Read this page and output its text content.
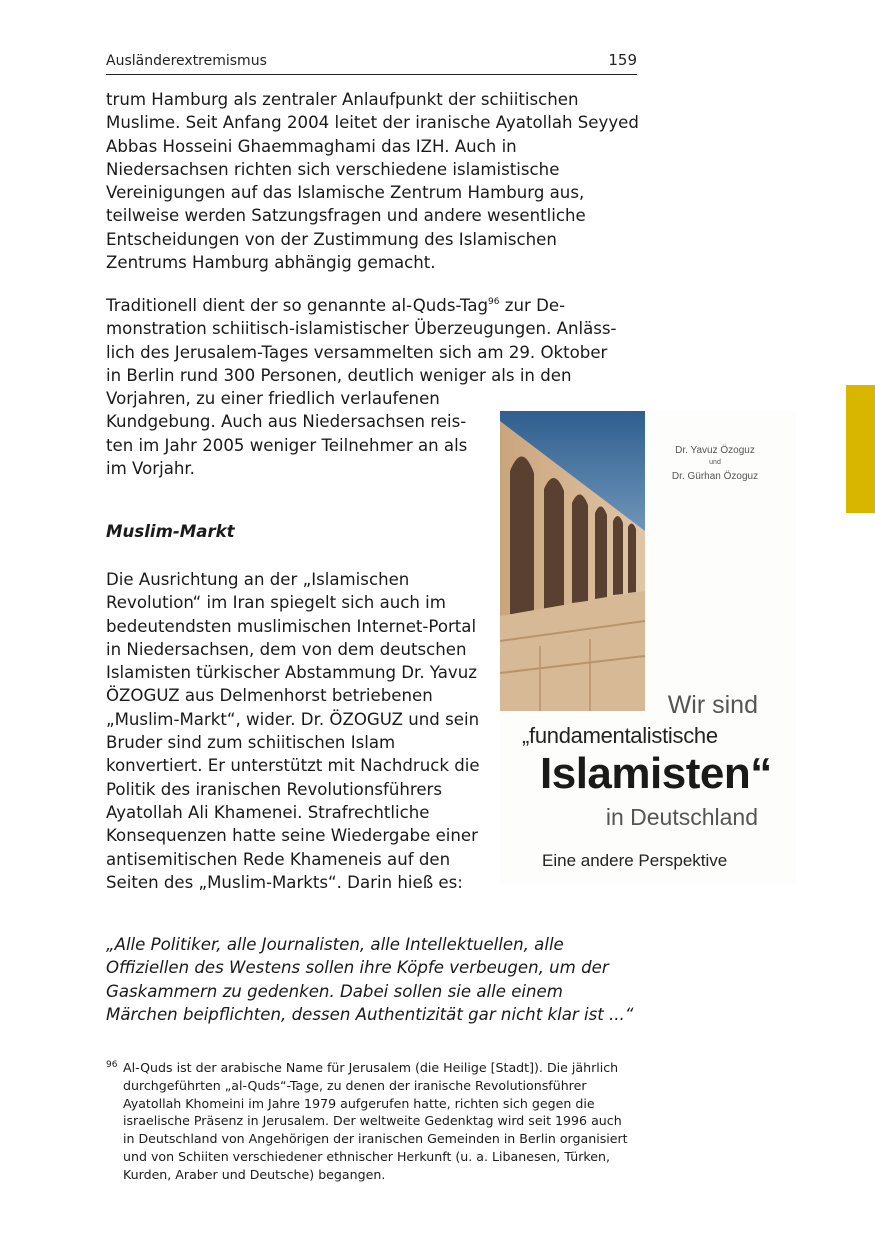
Ausländerextremismus	159

trum Hamburg als zentraler Anlaufpunkt der schiitischen Muslime. Seit Anfang 2004 leitet der iranische Ayatollah Seyyed Abbas Hosseini Ghaemmaghami das IZH. Auch in Niedersachsen richten sich verschiedene islamistische Vereinigungen auf das Islamische Zentrum Hamburg aus, teilweise werden Satzungsfragen und andere wesentliche Entscheidungen von der Zustimmung des Islamischen Zentrums Hamburg abhängig gemacht.

Traditionell dient der so genannte al-Quds-Tag$^{96}$ zur De-
monstration schiitisch-islamistischer Überzeugungen. Anläss-
lich des Jerusalem-Tages versammelten sich am 29. Oktober
in Berlin rund 300 Personen, deutlich weniger als in den
Vorjahren, zu einer friedlich verlaufenen
Kundgebung. Auch aus Niedersachsen reis-
ten im Jahr 2005 weniger Teilnehmer an als
im Vorjahr.

Muslim-Markt

Die Ausrichtung an der „Islamischen Revolution“ im Iran spiegelt sich auch im bedeutendsten muslimischen Internet-Portal in Niedersachsen, dem von dem deutschen Islamisten türkischer Abstammung Dr. Yavuz ÖZOGUZ aus Delmenhorst betriebenen „Muslim-Markt“, wider. Dr. ÖZOGUZ und sein Bruder sind zum schiitischen Islam konvertiert. Er unterstützt mit Nachdruck die Politik des iranischen Revolutionsführers Ayatollah Ali Khamenei. Strafrechtliche Konsequenzen hatte seine Wiedergabe einer antisemitischen Rede Khameneis auf den Seiten des „Muslim-Markts“. Darin hieß es:

„Alle Politiker, alle Journalisten, alle Intellektuellen, alle Offiziellen des Westens sollen ihre Köpfe verbeugen, um der Gaskammern zu gedenken. Dabei sollen sie alle einem Märchen beipflichten, dessen Authentizität gar nicht klar ist ...“

96 Al-Quds ist der arabische Name für Jerusalem (die Heilige [Stadt]). Die jährlich durchgeführten „al-Quds“-Tage, zu denen der iranische Revolutionsführer Ayatollah Khomeini im Jahre 1979 aufgerufen hatte, richten sich gegen die israelische Präsenz in Jerusalem. Der weltweite Gedenktag wird seit 1996 auch in Deutschland von Angehörigen der iranischen Gemeinden in Berlin organisiert und von Schiiten verschiedener ethnischer Herkunft (u. a. Libanesen, Türken, Kurden, Araber und Deutsche) begangen.
Dr. Yavuz Özoguz
und
Dr. Gürhan Özoguz
Wir sind
„fundamentalistische
Islamisten“
in Deutschland
Eine andere Perspektive
